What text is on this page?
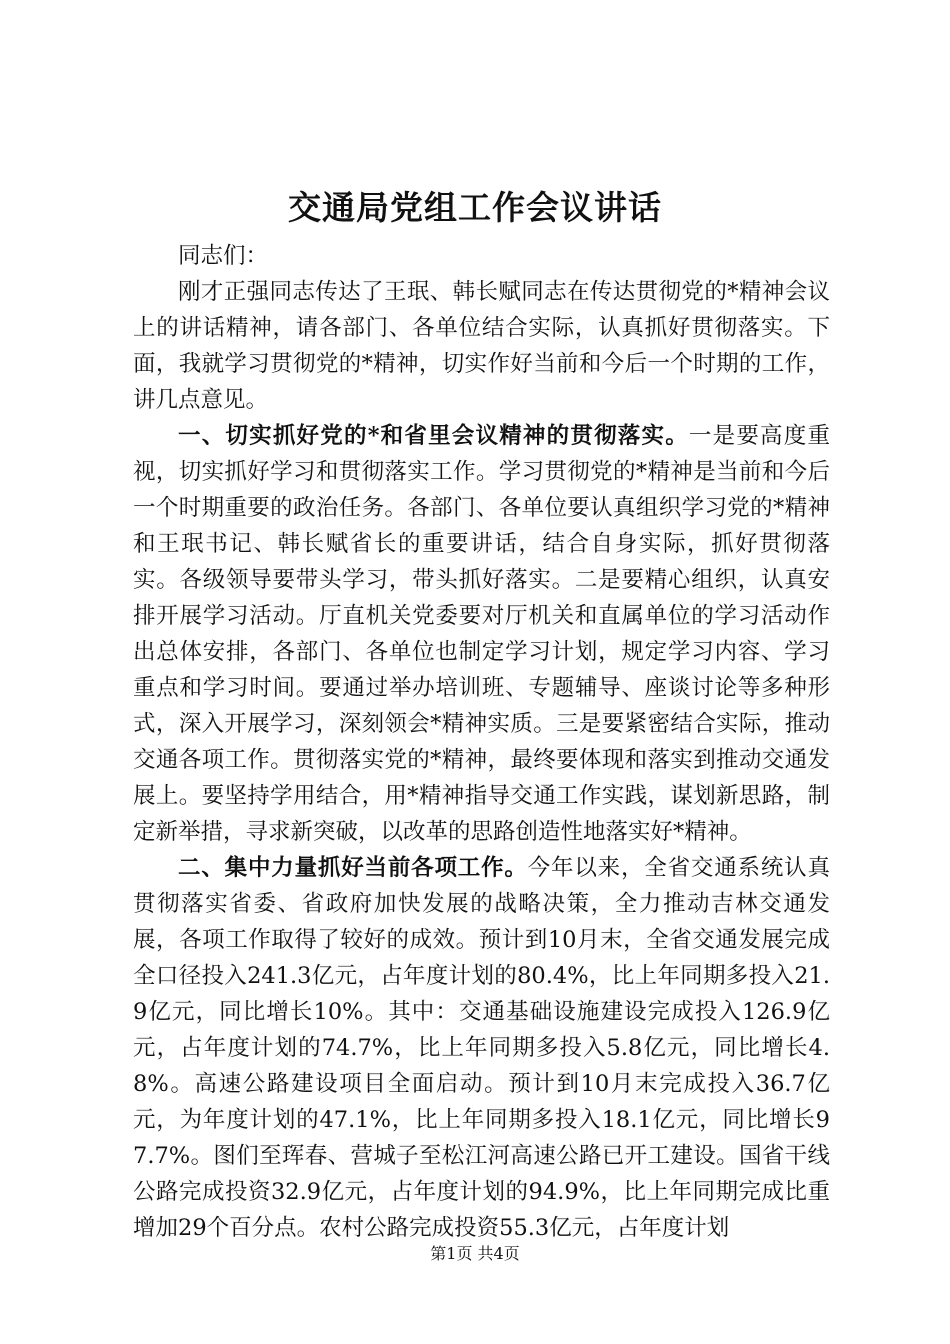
交通局党组工作会议讲话

同志们：

刚才正强同志传达了王珉、韩长赋同志在传达贯彻党的*精神会议上的讲话精神，请各部门、各单位结合实际，认真抓好贯彻落实。下面，我就学习贯彻党的*精神，切实作好当前和今后一个时期的工作，讲几点意见。

一、切实抓好党的*和省里会议精神的贯彻落实。一是要高度重视，切实抓好学习和贯彻落实工作。学习贯彻党的*精神是当前和今后一个时期重要的政治任务。各部门、各单位要认真组织学习党的*精神和王珉书记、韩长赋省长的重要讲话，结合自身实际，抓好贯彻落实。各级领导要带头学习，带头抓好落实。二是要精心组织，认真安排开展学习活动。厅直机关党委要对厅机关和直属单位的学习活动作出总体安排，各部门、各单位也制定学习计划，规定学习内容、学习重点和学习时间。要通过举办培训班、专题辅导、座谈讨论等多种形式，深入开展学习，深刻领会*精神实质。三是要紧密结合实际，推动交通各项工作。贯彻落实党的*精神，最终要体现和落实到推动交通发展上。要坚持学用结合，用*精神指导交通工作实践，谋划新思路，制定新举措，寻求新突破，以改革的思路创造性地落实好*精神。

二、集中力量抓好当前各项工作。今年以来，全省交通系统认真贯彻落实省委、省政府加快发展的战略决策，全力推动吉林交通发展，各项工作取得了较好的成效。预计到10月末，全省交通发展完成全口径投入241.3亿元，占年度计划的80.4%，比上年同期多投入21.9亿元，同比增长10%。其中：交通基础设施建设完成投入126.9亿元，占年度计划的74.7%，比上年同期多投入5.8亿元，同比增长4.8%。高速公路建设项目全面启动。预计到10月末完成投入36.7亿元，为年度计划的47.1%，比上年同期多投入18.1亿元，同比增长97.7%。图们至珲春、营城子至松江河高速公路已开工建设。国省干线公路完成投资32.9亿元，占年度计划的94.9%，比上年同期完成比重增加29个百分点。农村公路完成投资55.3亿元，占年度计划

第1页 共4页
